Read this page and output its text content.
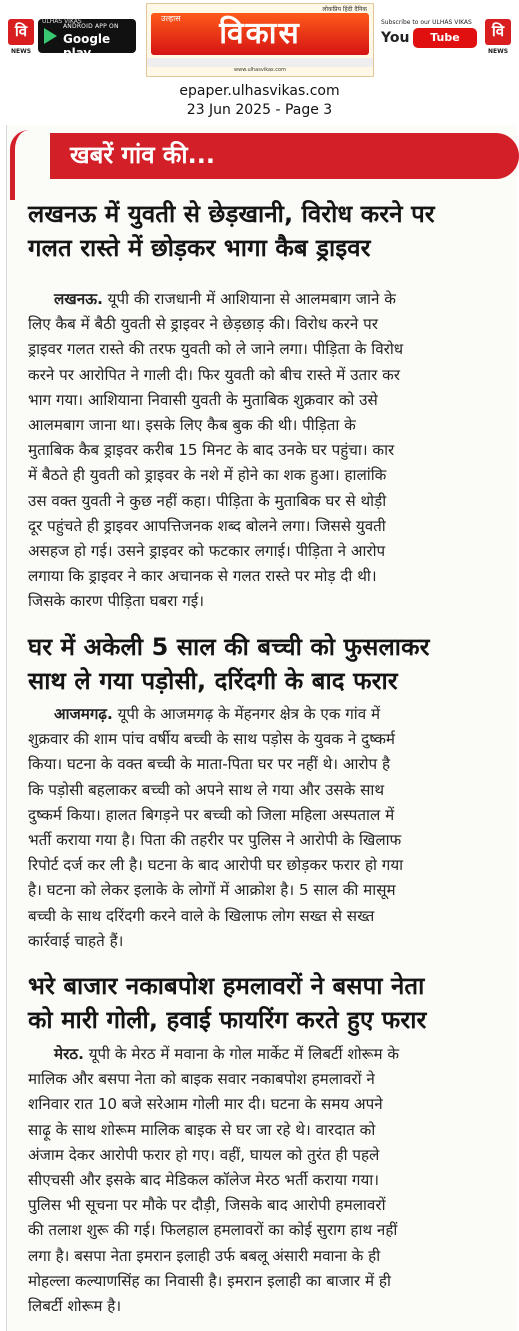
वि
NEWS
ULHAS VIKAS
ANDROID APP ON
Google play
लोकप्रिय हिंदी दैनिक
विकास
उल्हास
www.ulhasvikas.com
Subscribe to our ULHAS VIKAS
You	Tube Channel
वि
NEWS
epaper.ulhasvikas.com
23 Jun 2025 - Page 3
खबरें गांव की...
लखनऊ में युवती से छेड़खानी, विरोध करने पर
गलत रास्ते में छोड़कर भागा कैब ड्राइवर
लखनऊ. यूपी की राजधानी में आशियाना से आलमबाग जाने के
लिए कैब में बैठी युवती से ड्राइवर ने छेड़छाड़ की। विरोध करने पर
ड्राइवर गलत रास्ते की तरफ युवती को ले जाने लगा। पीड़िता के विरोध
करने पर आरोपित ने गाली दी। फिर युवती को बीच रास्ते में उतार कर
भाग गया। आशियाना निवासी युवती के मुताबिक शुक्रवार को उसे
आलमबाग जाना था। इसके लिए कैब बुक की थी। पीड़िता के
मुताबिक कैब ड्राइवर करीब 15 मिनट के बाद उनके घर पहुंचा। कार
में बैठते ही युवती को ड्राइवर के नशे में होने का शक हुआ। हालांकि
उस वक्त युवती ने कुछ नहीं कहा। पीड़िता के मुताबिक घर से थोड़ी
दूर पहुंचते ही ड्राइवर आपत्तिजनक शब्द बोलने लगा। जिससे युवती
असहज हो गई। उसने ड्राइवर को फटकार लगाई। पीड़िता ने आरोप
लगाया कि ड्राइवर ने कार अचानक से गलत रास्ते पर मोड़ दी थी।
जिसके कारण पीड़िता घबरा गई।
घर में अकेली 5 साल की बच्ची को फुसलाकर
साथ ले गया पड़ोसी, दरिंदगी के बाद फरार
आजमगढ़. यूपी के आजमगढ़ के मेंहनगर क्षेत्र के एक गांव में
शुक्रवार की शाम पांच वर्षीय बच्ची के साथ पड़ोस के युवक ने दुष्कर्म
किया। घटना के वक्त बच्ची के माता-पिता घर पर नहीं थे। आरोप है
कि पड़ोसी बहलाकर बच्ची को अपने साथ ले गया और उसके साथ
दुष्कर्म किया। हालत बिगड़ने पर बच्ची को जिला महिला अस्पताल में
भर्ती कराया गया है। पिता की तहरीर पर पुलिस ने आरोपी के खिलाफ
रिपोर्ट दर्ज कर ली है। घटना के बाद आरोपी घर छोड़कर फरार हो गया
है। घटना को लेकर इलाके के लोगों में आक्रोश है। 5 साल की मासूम
बच्ची के साथ दरिंदगी करने वाले के खिलाफ लोग सख्त से सख्त
कार्रवाई चाहते हैं।
भरे बाजार नकाबपोश हमलावरों ने बसपा नेता
को मारी गोली, हवाई फायरिंग करते हुए फरार
मेरठ. यूपी के मेरठ में मवाना के गोल मार्केट में लिबर्टी शोरूम के
मालिक और बसपा नेता को बाइक सवार नकाबपोश हमलावरों ने
शनिवार रात 10 बजे सरेआम गोली मार दी। घटना के समय अपने
साढ़ू के साथ शोरूम मालिक बाइक से घर जा रहे थे। वारदात को
अंजाम देकर आरोपी फरार हो गए। वहीं, घायल को तुरंत ही पहले
सीएचसी और इसके बाद मेडिकल कॉलेज मेरठ भर्ती कराया गया।
पुलिस भी सूचना पर मौके पर दौड़ी, जिसके बाद आरोपी हमलावरों
की तलाश शुरू की गई। फिलहाल हमलावरों का कोई सुराग हाथ नहीं
लगा है। बसपा नेता इमरान इलाही उर्फ बबलू अंसारी मवाना के ही
मोहल्ला कल्याणसिंह का निवासी है। इमरान इलाही का बाजार में ही
लिबर्टी शोरूम है।
